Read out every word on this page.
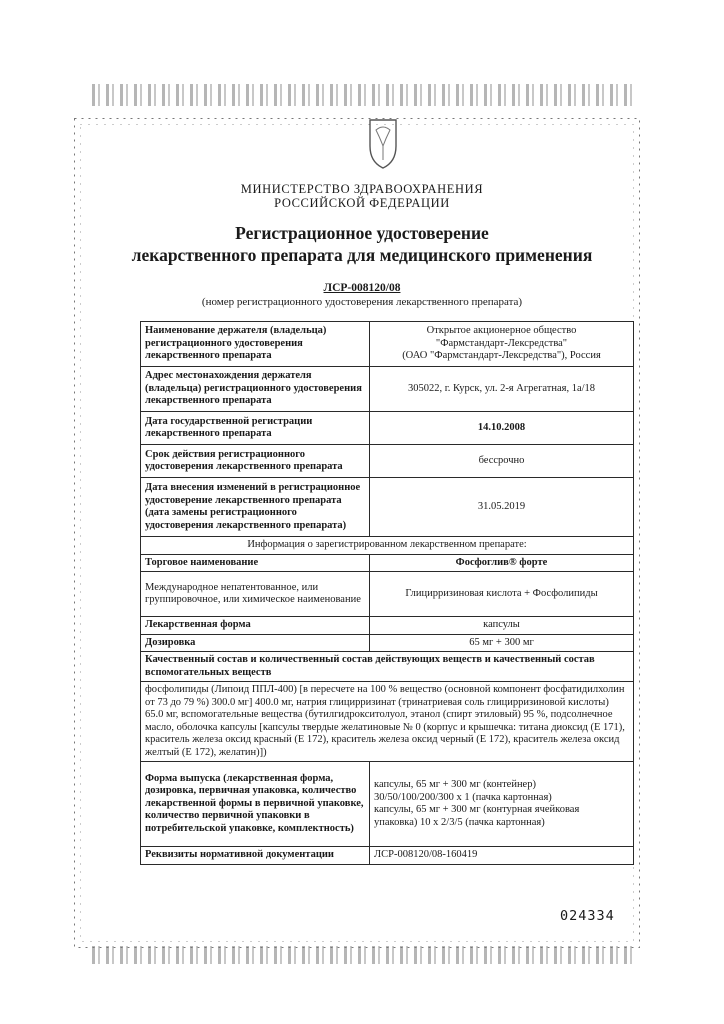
МИНИСТЕРСТВО ЗДРАВООХРАНЕНИЯ
РОССИЙСКОЙ ФЕДЕРАЦИИ
Регистрационное удостоверение
лекарственного препарата для медицинского применения
ЛСР-008120/08
(номер регистрационного удостоверения лекарственного препарата)
Наименование держателя (владельца) регистрационного удостоверения лекарственного препарата	Открытое акционерное общество
"Фармстандарт-Лексредства"
(ОАО "Фармстандарт-Лексредства"), Россия

Адрес местонахождения держателя (владельца) регистрационного удостоверения лекарственного препарата	305022, г. Курск, ул. 2-я Агрегатная, 1а/18
Дата государственной регистрации лекарственного препарата	14.10.2008
Срок действия регистрационного удостоверения лекарственного препарата	бессрочно
Дата внесения изменений в регистрационное удостоверение лекарственного препарата (дата замены регистрационного удостоверения лекарственного препарата)	31.05.2019
Информация о зарегистрированном лекарственном препарате:	
Торговое наименование	Фосфоглив® форте
Международное непатентованное, или группировочное, или химическое наименование	Глицирризиновая кислота + Фосфолипиды
Лекарственная форма	капсулы
Дозировка	65 мг + 300 мг
Качественный состав и количественный состав действующих веществ и качественный состав вспомогательных веществ	
фосфолипиды (Липоид ППЛ-400) [в пересчете на 100 % вещество (основной компонент фосфатидилхолин от 73 до 79 %) 300.0 мг] 400.0 мг, натрия глицирризинат (тринатриевая соль глицирризиновой кислоты) 65.0 мг, вспомогательные вещества (бутилгидрокситолуол, этанол (спирт этиловый) 95 %, подсолнечное масло, оболочка капсулы [капсулы твердые желатиновые № 0 (корпус и крышечка: титана диоксид (Е 171), краситель железа оксид красный (Е 172), краситель железа оксид черный (Е 172), краситель железа оксид желтый (Е 172), желатин)])	
Форма выпуска (лекарственная форма, дозировка, первичная упаковка, количество лекарственной формы в первичной упаковке, количество первичной упаковки в потребительской упаковке, комплектность)	капсулы, 65 мг + 300 мг (контейнер)
30/50/100/200/300 х 1 (пачка картонная)
капсулы, 65 мг + 300 мг (контурная ячейковая
упаковка) 10 х 2/3/5 (пачка картонная)

Реквизиты нормативной документации	ЛСР-008120/08-160419
024334
